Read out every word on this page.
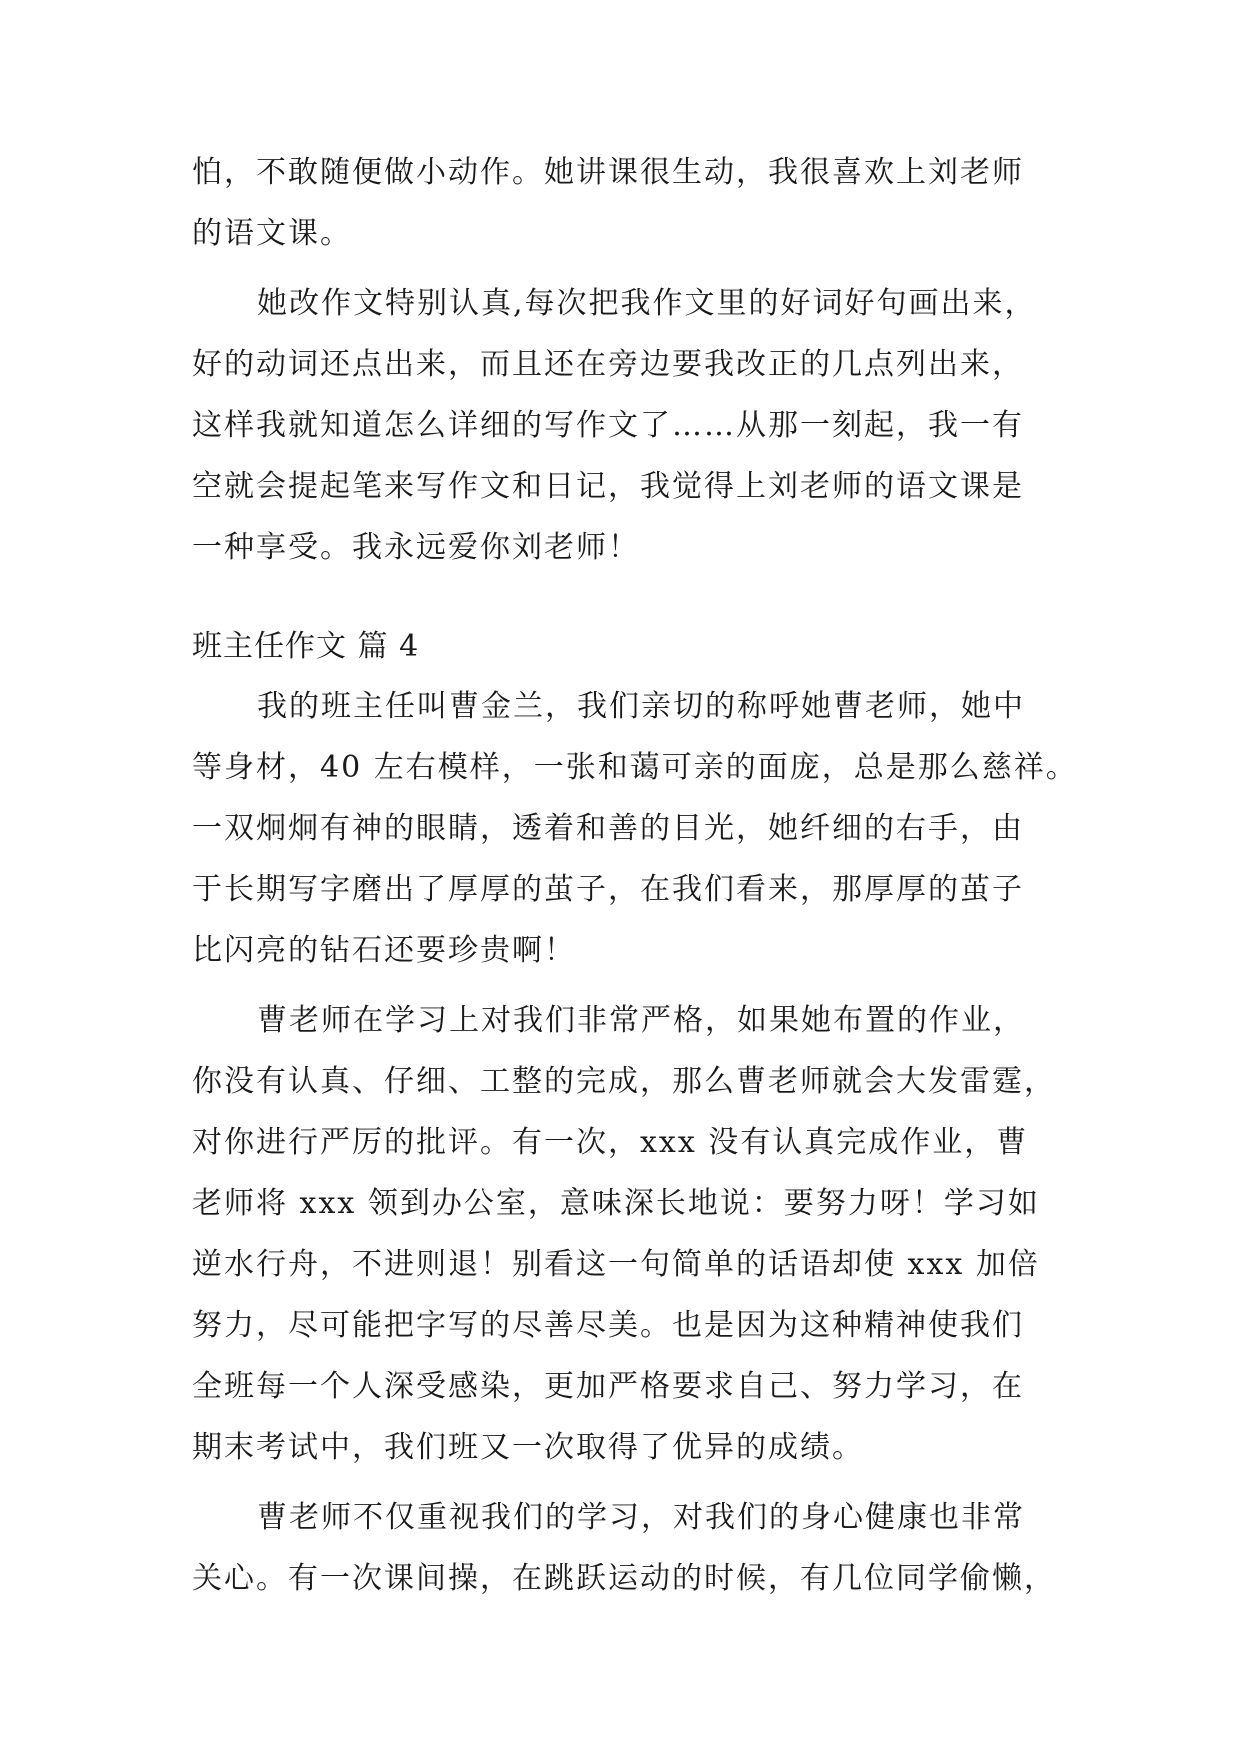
怕，不敢随便做小动作。她讲课很生动，我很喜欢上刘老师
的语文课。
她改作文特别认真,每次把我作文里的好词好句画出来，
好的动词还点出来，而且还在旁边要我改正的几点列出来，
这样我就知道怎么详细的写作文了……从那一刻起，我一有
空就会提起笔来写作文和日记，我觉得上刘老师的语文课是
一种享受。我永远爱你刘老师！
班主任作文 篇 4
我的班主任叫曹金兰，我们亲切的称呼她曹老师，她中
等身材，40 左右模样，一张和蔼可亲的面庞，总是那么慈祥。
一双炯炯有神的眼睛，透着和善的目光，她纤细的右手，由
于长期写字磨出了厚厚的茧子，在我们看来，那厚厚的茧子
比闪亮的钻石还要珍贵啊！
曹老师在学习上对我们非常严格，如果她布置的作业，
你没有认真、仔细、工整的完成，那么曹老师就会大发雷霆，
对你进行严厉的批评。有一次，xxx 没有认真完成作业，曹
老师将 xxx 领到办公室，意味深长地说：要努力呀！学习如
逆水行舟，不进则退！别看这一句简单的话语却使 xxx 加倍
努力，尽可能把字写的尽善尽美。也是因为这种精神使我们
全班每一个人深受感染，更加严格要求自己、努力学习，在
期末考试中，我们班又一次取得了优异的成绩。
曹老师不仅重视我们的学习，对我们的身心健康也非常
关心。有一次课间操，在跳跃运动的时候，有几位同学偷懒，
